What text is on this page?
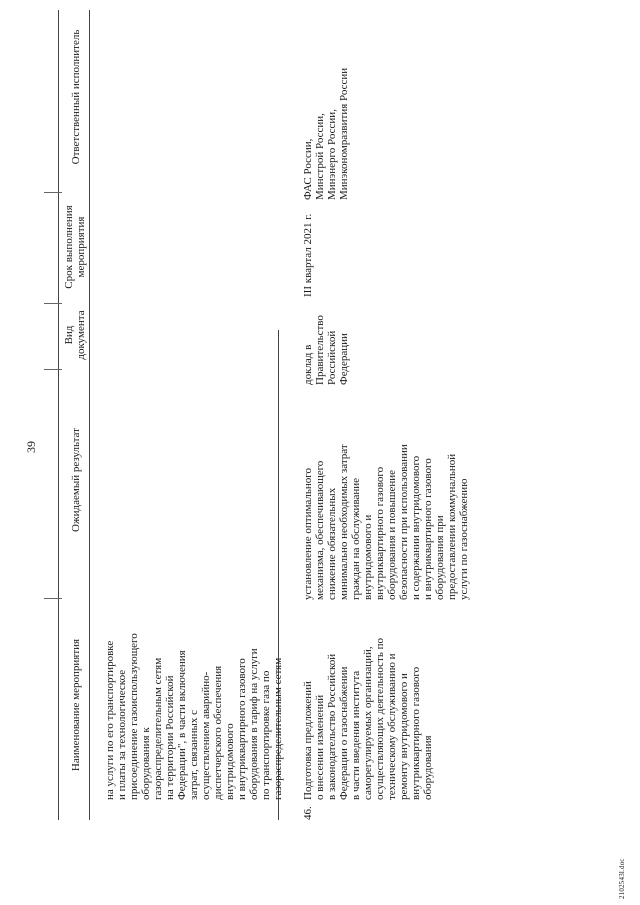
39
Наименование мероприятия
Ожидаемый результат
Вид документа
Срок выполнения мероприятия
Ответственный исполнитель
на услуги по его транспортировке и платы за технологическое присоединение газоиспользующего оборудования к газораспределительным сетям на территории Российской Федерации", в части включения затрат, связанных с осуществлением аварийно- диспетчерского обеспечения внутридомового и внутриквартирного газового оборудования в тариф на услуги по транспортировке газа по газораспределительным сетям
46.
Подготовка предложений о внесении изменений в законодательство Российской Федерации о газоснабжении в части введения института саморегулируемых организаций, осуществляющих деятельность по техническому обслуживанию и ремонту внутридомового и внутриквартирного газового оборудования
установление оптимального механизма, обеспечивающего снижение обязательных минимально необходимых затрат граждан на обслуживание внутридомового и внутриквартирного газового оборудования и повышение безопасности при использовании и содержании внутридомового и внутриквартирного газового оборудования при предоставлении коммунальной услуги по газоснабжению
доклад в Правительство Российской Федерации
III квартал 2021 г.
ФАС России, Минстрой России, Минэнерго России, Минэкономразвития России
2102543l.doc
